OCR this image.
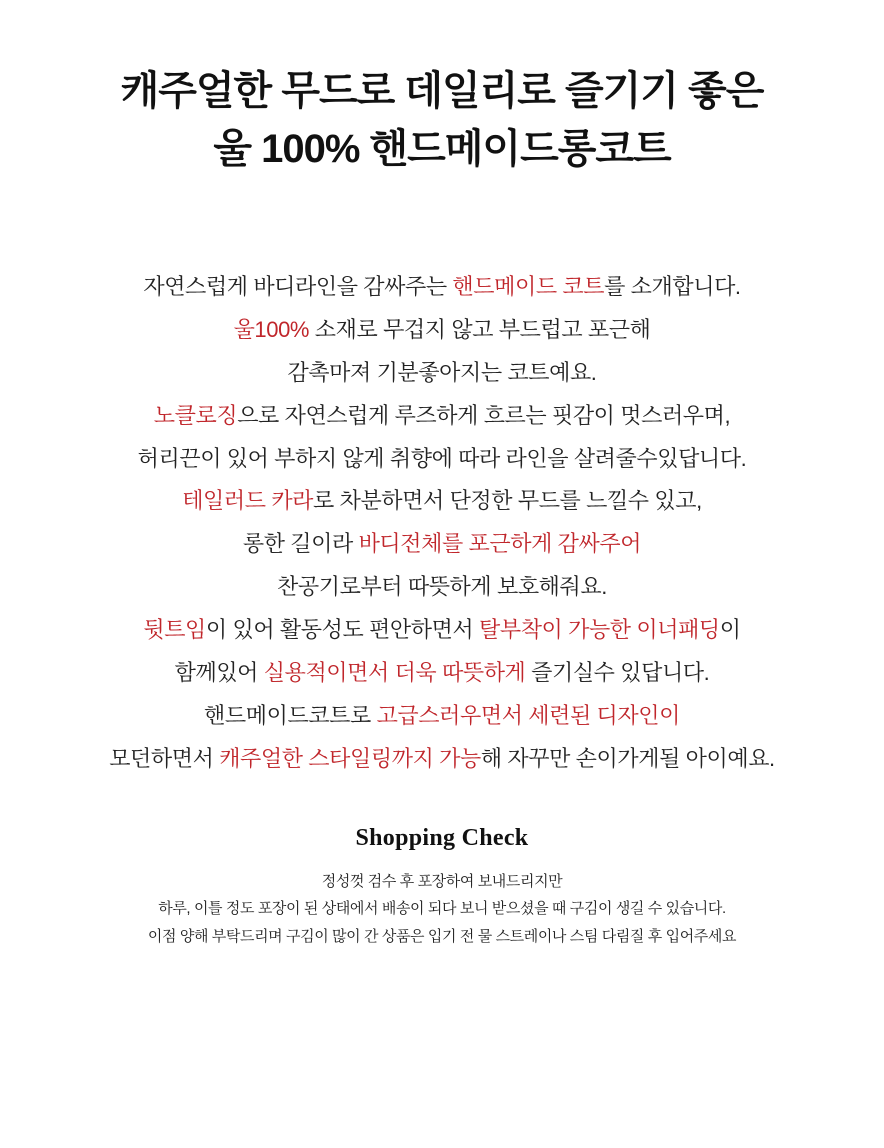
캐주얼한 무드로 데일리로 즐기기 좋은
울 100% 핸드메이드롱코트
자연스럽게 바디라인을 감싸주는 핸드메이드 코트를 소개합니다.
울100% 소재로 무겁지 않고 부드럽고 포근해
감촉마져 기분좋아지는 코트예요.
노클로징으로 자연스럽게 루즈하게 흐르는 핏감이 멋스러우며,
허리끈이 있어 부하지 않게 취향에 따라 라인을 살려줄수있답니다.
테일러드 카라로 차분하면서 단정한 무드를 느낄수 있고,
롱한 길이라 바디전체를 포근하게 감싸주어
찬공기로부터 따뜻하게 보호해줘요.
뒷트임이 있어 활동성도 편안하면서 탈부착이 가능한 이너패딩이
함께있어 실용적이면서 더욱 따뜻하게 즐기실수 있답니다.
핸드메이드코트로 고급스러우면서 세련된 디자인이
모던하면서 캐주얼한 스타일링까지 가능해 자꾸만 손이가게될 아이예요.
Shopping Check
정성껏 검수 후 포장하여 보내드리지만
하루, 이틀 정도 포장이 된 상태에서 배송이 되다 보니 받으셨을 때 구김이 생길 수 있습니다.
이점 양해 부탁드리며 구김이 많이 간 상품은 입기 전 물 스트레이나 스팀 다림질 후 입어주세요
